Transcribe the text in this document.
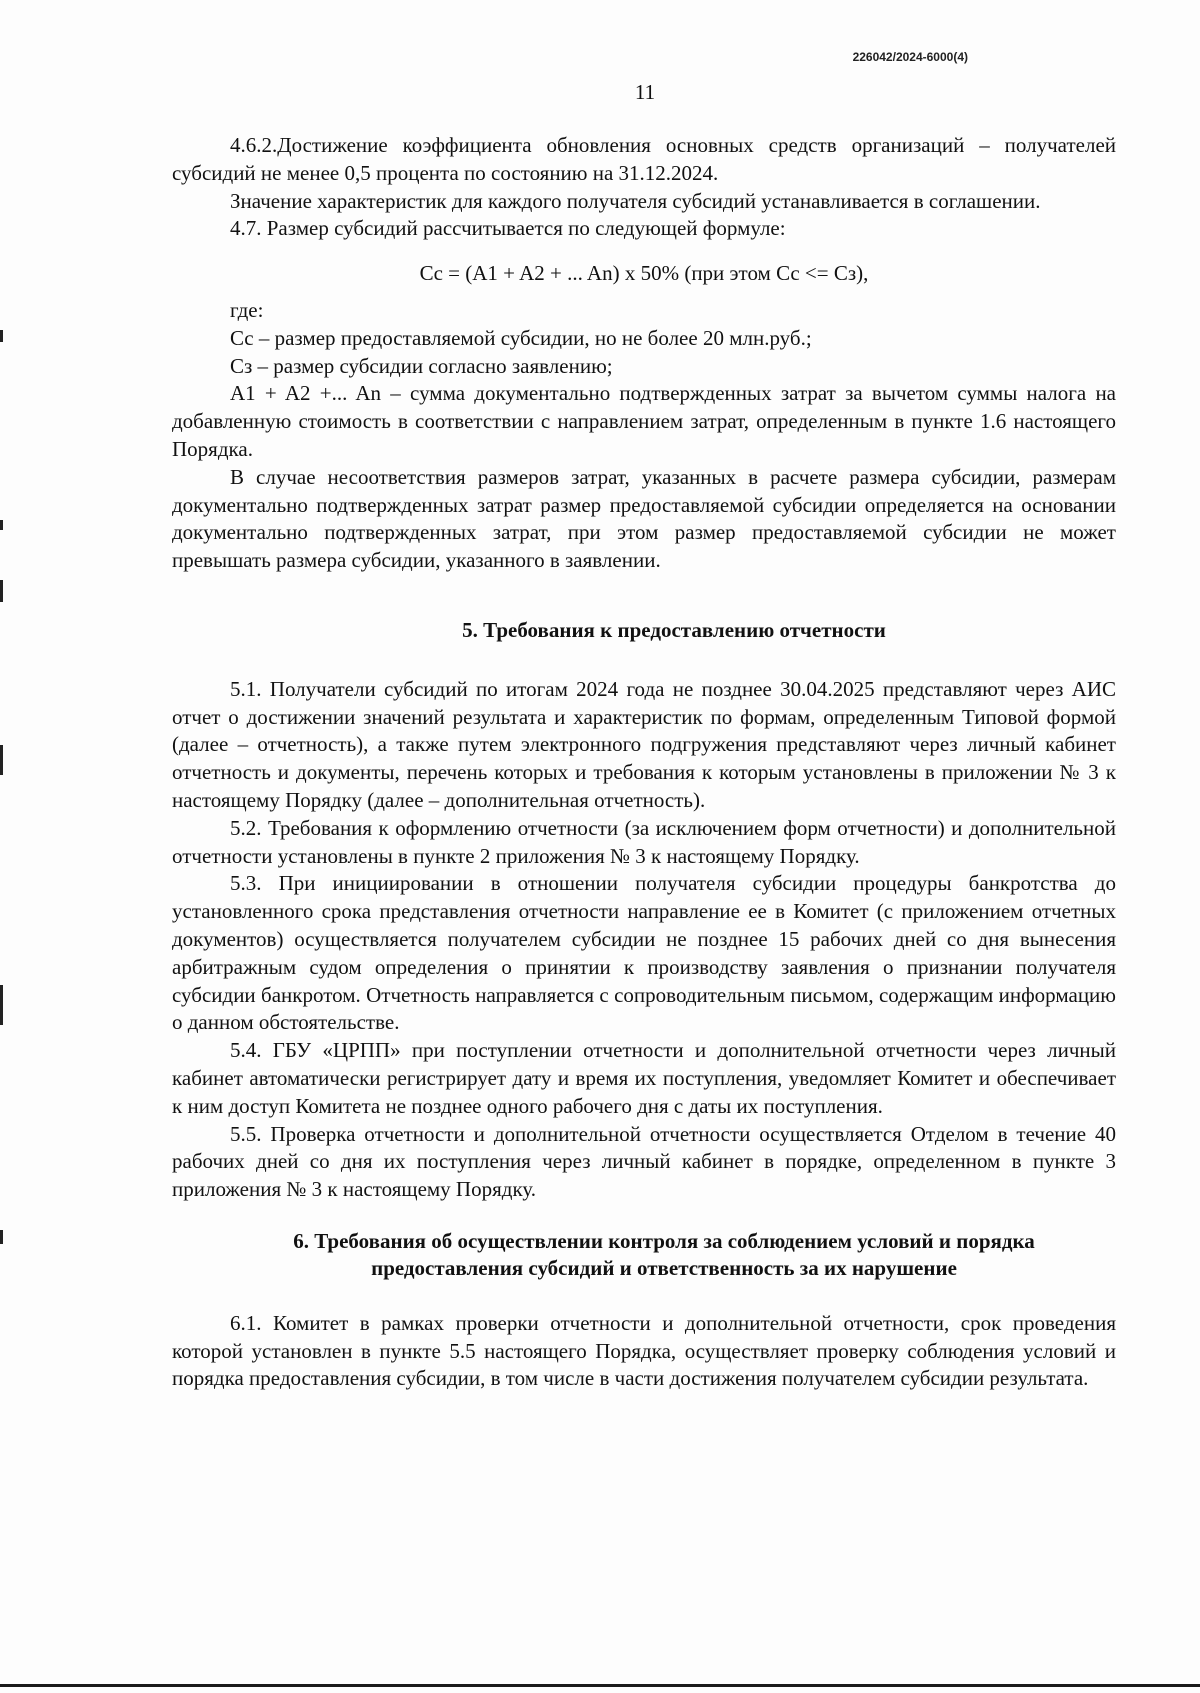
226042/2024-6000(4)
11

4.6.2.Достижение коэффициента обновления основных средств организаций – получателей субсидий не менее 0,5 процента по состоянию на 31.12.2024.

Значение характеристик для каждого получателя субсидий устанавливается в соглашении.

4.7. Размер субсидий рассчитывается по следующей формуле:

Cc = (A1 + A2 + ... An) х 50% (при этом Сс <= Сз),

где:

Сс – размер предоставляемой субсидии, но не более 20 млн.руб.;

Сз – размер субсидии согласно заявлению;

A1 + A2 +... An – сумма документально подтвержденных затрат за вычетом суммы налога на добавленную стоимость в соответствии с направлением затрат, определенным в пункте 1.6 настоящего Порядка.

В случае несоответствия размеров затрат, указанных в расчете размера субсидии, размерам документально подтвержденных затрат размер предоставляемой субсидии определяется на основании документально подтвержденных затрат, при этом размер предоставляемой субсидии не может превышать размера субсидии, указанного в заявлении.

5. Требования к предоставлению отчетности

5.1. Получатели субсидий по итогам 2024 года не позднее 30.04.2025 представляют через АИС отчет о достижении значений результата и характеристик по формам, определенным Типовой формой (далее – отчетность), а также путем электронного подгружения представляют через личный кабинет отчетность и документы, перечень которых и требования к которым установлены в приложении № 3 к настоящему Порядку (далее – дополнительная отчетность).

5.2. Требования к оформлению отчетности (за исключением форм отчетности) и дополнительной отчетности установлены в пункте 2 приложения № 3 к настоящему Порядку.

5.3. При инициировании в отношении получателя субсидии процедуры банкротства до установленного срока представления отчетности направление ее в Комитет (с приложением отчетных документов) осуществляется получателем субсидии не позднее 15 рабочих дней со дня вынесения арбитражным судом определения о принятии к производству заявления о признании получателя субсидии банкротом. Отчетность направляется с сопроводительным письмом, содержащим информацию о данном обстоятельстве.

5.4. ГБУ «ЦРПП» при поступлении отчетности и дополнительной отчетности через личный кабинет автоматически регистрирует дату и время их поступления, уведомляет Комитет и обеспечивает к ним доступ Комитета не позднее одного рабочего дня с даты их поступления.

5.5. Проверка отчетности и дополнительной отчетности осуществляется Отделом в течение 40 рабочих дней со дня их поступления через личный кабинет в порядке, определенном в пункте 3 приложения № 3 к настоящему Порядку.

6. Требования об осуществлении контроля за соблюдением условий и порядка
предоставления субсидий и ответственность за их нарушение

6.1. Комитет в рамках проверки отчетности и дополнительной отчетности, срок проведения которой установлен в пункте 5.5 настоящего Порядка, осуществляет проверку соблюдения условий и порядка предоставления субсидии, в том числе в части достижения получателем субсидии результата.
